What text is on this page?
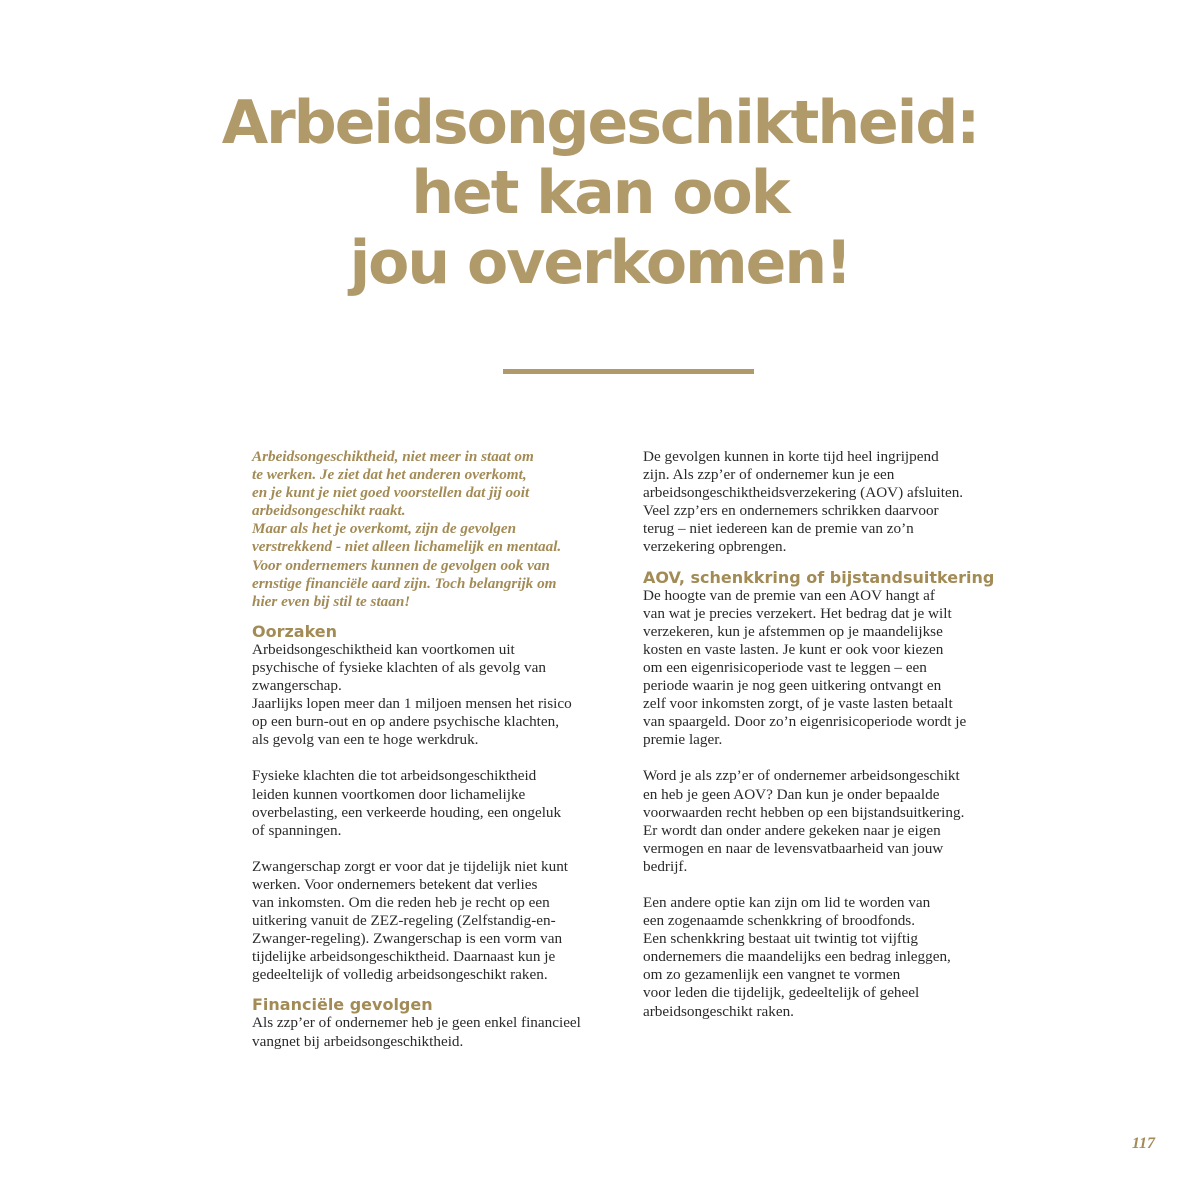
Arbeidsongeschiktheid:
het kan ook
jou overkomen!

Arbeidsongeschiktheid, niet meer in staat om
te werken. Je ziet dat het anderen overkomt,
en je kunt je niet goed voorstellen dat jij ooit
arbeidsongeschikt raakt.
Maar als het je overkomt, zijn de gevolgen
verstrekkend - niet alleen lichamelijk en mentaal.
Voor ondernemers kunnen de gevolgen ook van
ernstige financiële aard zijn. Toch belangrijk om
hier even bij stil te staan!

Oorzaken

Arbeidsongeschiktheid kan voortkomen uit
psychische of fysieke klachten of als gevolg van
zwangerschap.
Jaarlijks lopen meer dan 1 miljoen mensen het risico
op een burn-out en op andere psychische klachten,
als gevolg van een te hoge werkdruk.

Fysieke klachten die tot arbeidsongeschiktheid
leiden kunnen voortkomen door lichamelijke
overbelasting, een verkeerde houding, een ongeluk
of spanningen.

Zwangerschap zorgt er voor dat je tijdelijk niet kunt
werken. Voor ondernemers betekent dat verlies
van inkomsten. Om die reden heb je recht op een
uitkering vanuit de ZEZ-regeling (Zelfstandig-en-
Zwanger-regeling). Zwangerschap is een vorm van
tijdelijke arbeidsongeschiktheid. Daarnaast kun je
gedeeltelijk of volledig arbeidsongeschikt raken.

Financiële gevolgen

Als zzp’er of ondernemer heb je geen enkel financieel
vangnet bij arbeidsongeschiktheid.

De gevolgen kunnen in korte tijd heel ingrijpend
zijn. Als zzp’er of ondernemer kun je een
arbeidsongeschiktheidsverzekering (AOV) afsluiten.
Veel zzp’ers en ondernemers schrikken daarvoor
terug – niet iedereen kan de premie van zo’n
verzekering opbrengen.

AOV, schenkkring of bijstandsuitkering

De hoogte van de premie van een AOV hangt af
van wat je precies verzekert. Het bedrag dat je wilt
verzekeren, kun je afstemmen op je maandelijkse
kosten en vaste lasten. Je kunt er ook voor kiezen
om een eigenrisicoperiode vast te leggen – een
periode waarin je nog geen uitkering ontvangt en
zelf voor inkomsten zorgt, of je vaste lasten betaalt
van spaargeld. Door zo’n eigenrisicoperiode wordt je
premie lager.

Word je als zzp’er of ondernemer arbeidsongeschikt
en heb je geen AOV? Dan kun je onder bepaalde
voorwaarden recht hebben op een bijstandsuitkering.
Er wordt dan onder andere gekeken naar je eigen
vermogen en naar de levensvatbaarheid van jouw
bedrijf.

Een andere optie kan zijn om lid te worden van
een zogenaamde schenkkring of broodfonds.
Een schenkkring bestaat uit twintig tot vijftig
ondernemers die maandelijks een bedrag inleggen,
om zo gezamenlijk een vangnet te vormen
voor leden die tijdelijk, gedeeltelijk of geheel
arbeidsongeschikt raken.

117
